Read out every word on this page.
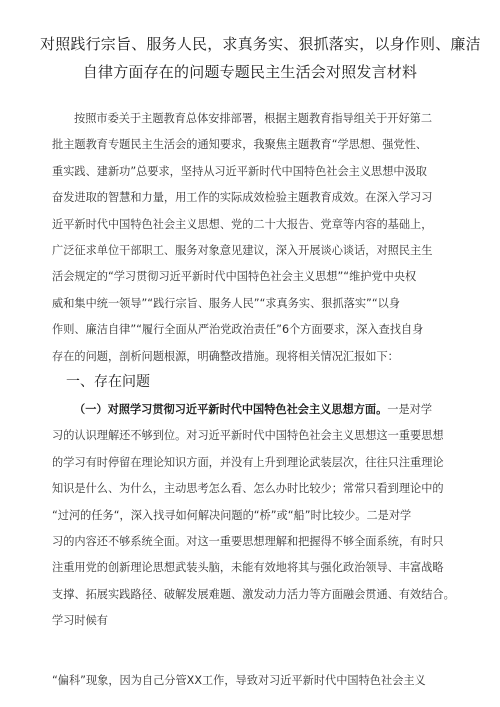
对照践行宗旨、服务人民，求真务实、狠抓落实，以身作则、廉洁
自律方面存在的问题专题民主生活会对照发言材料
按照市委关于主题教育总体安排部署，根据主题教育指导组关于开好第二
批主题教育专题民主生活会的通知要求，我聚焦主题教育“学思想、强党性、
重实践、建新功”总要求，坚持从习近平新时代中国特色社会主义思想中汲取
奋发进取的智慧和力量，用工作的实际成效检验主题教育成效。在深入学习习
近平新时代中国特色社会主义思想、党的二十大报告、党章等内容的基础上，
广泛征求单位干部职工、服务对象意见建议，深入开展谈心谈话，对照民主生
活会规定的“学习贯彻习近平新时代中国特色社会主义思想”“维护党中央权
威和集中统一领导”“践行宗旨、服务人民”“求真务实、狠抓落实”“以身
作则、廉洁自律”“履行全面从严治党政治责任”6个方面要求，深入查找自身
存在的问题，剖析问题根源，明确整改措施。现将相关情况汇报如下：
一、存在问题
（一）对照学习贯彻习近平新时代中国特色社会主义思想方面。一是对学
习的认识理解还不够到位。对习近平新时代中国特色社会主义思想这一重要思想
的学习有时停留在理论知识方面，并没有上升到理论武装层次，往往只注重理论
知识是什么、为什么，主动思考怎么看、怎么办时比较少；常常只看到理论中的
“过河的任务“，深入找寻如何解决问题的“桥”或“船”时比较少。二是对学
习的内容还不够系统全面。对这一重要思想理解和把握得不够全面系统，有时只
注重用党的创新理论思想武装头脑，未能有效地将其与强化政治领导、丰富战略
支撑、拓展实践路径、破解发展难题、激发动力活力等方面融会贯通、有效结合。
学习时候有
“偏科”现象，因为自己分管XX工作，导致对习近平新时代中国特色社会主义
